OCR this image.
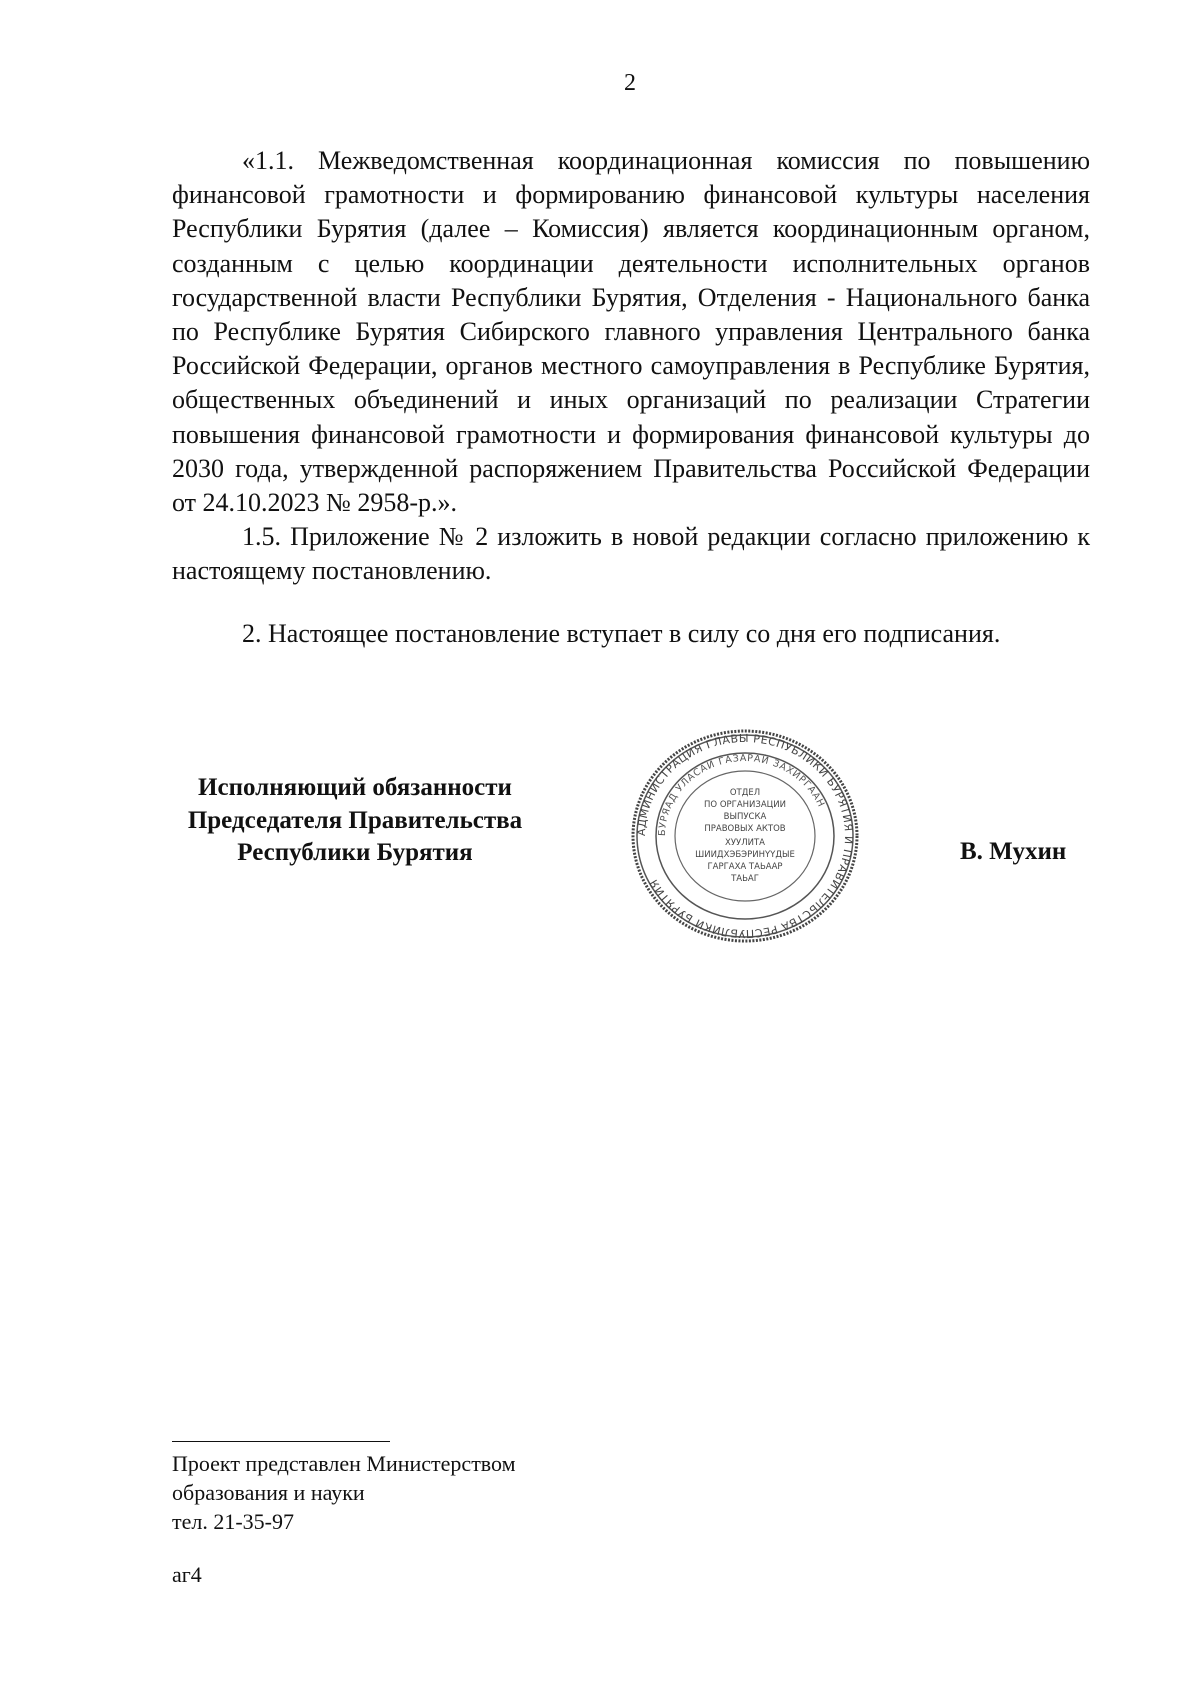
2

«1.1. Межведомственная координационная комиссия по повышению финансовой грамотности и формированию финансовой культуры населения Республики Бурятия (далее – Комиссия) является координационным органом, созданным с целью координации деятельности исполнительных органов государственной власти Республики Бурятия, Отделения - Национального банка по Республике Бурятия Сибирского главного управления Центрального банка Российской Федерации, органов местного самоуправления в Республике Бурятия, общественных объединений и иных организаций по реализации Стратегии повышения финансовой грамотности и формирования финансовой культуры до 2030 года, утвержденной распоряжением Правительства Российской Федерации от 24.10.2023 № 2958-р.».

1.5. Приложение № 2 изложить в новой редакции согласно приложению к настоящему постановлению.

2. Настоящее постановление вступает в силу со дня его подписания.

Исполняющий обязанности
Председателя Правительства
Республики Бурятия
АДМИНИСТРАЦИЯ ГЛАВЫ РЕСПУБЛИКИ БУРЯТИЯ И ПРАВИТЕЛЬСТВА РЕСПУБЛИКИ БУРЯТИЯ
БУРЯАД УЛАСАЙ ГАЗАРАЙ ЗАХИРГААН
ОТДЕЛ
ПО ОРГАНИЗАЦИИ
ВЫПУСКА
ПРАВОВЫХ АКТОВ
ХУУЛИТА
ШИИДХЭБЭРИНҮҮДЫЕ
ГАРГАХА ТАЬААР
ТАЬАГ
В. Мухин
Проект представлен Министерством
образования и науки
тел. 21-35-97
аг4
